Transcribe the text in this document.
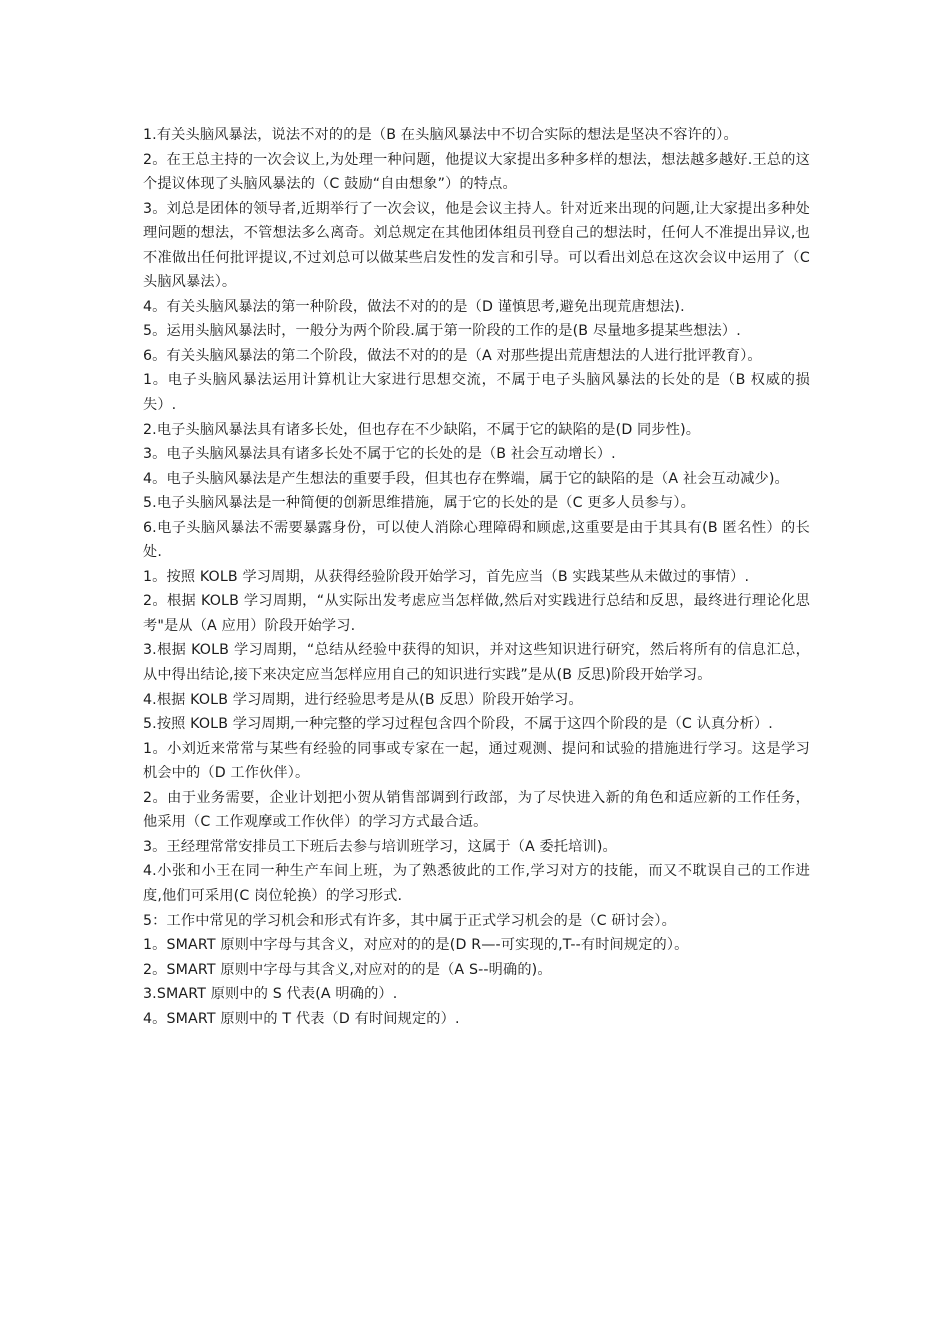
1.有关头脑风暴法，说法不对的的是（B 在头脑风暴法中不切合实际的想法是坚决不容许的）。

2。在王总主持的一次会议上,为处理一种问题，他提议大家提出多种多样的想法，想法越多越好.王总的这个提议体现了头脑风暴法的（C 鼓励“自由想象”）的特点。

3。刘总是团体的领导者,近期举行了一次会议，他是会议主持人。针对近来出现的问题,让大家提出多种处理问题的想法，不管想法多么离奇。刘总规定在其他团体组员刊登自己的想法时，任何人不准提出异议,也不准做出任何批评提议,不过刘总可以做某些启发性的发言和引导。可以看出刘总在这次会议中运用了（C 头脑风暴法）。

4。有关头脑风暴法的第一种阶段，做法不对的的是（D 谨慎思考,避免出现荒唐想法).

5。运用头脑风暴法时，一般分为两个阶段.属于第一阶段的工作的是(B 尽量地多提某些想法）.

6。有关头脑风暴法的第二个阶段，做法不对的的是（A 对那些提出荒唐想法的人进行批评教育）。

1。电子头脑风暴法运用计算机让大家进行思想交流，不属于电子头脑风暴法的长处的是（B 权威的损失）.

2.电子头脑风暴法具有诸多长处，但也存在不少缺陷，不属于它的缺陷的是(D 同步性)。

3。电子头脑风暴法具有诸多长处不属于它的长处的是（B 社会互动增长）.

4。电子头脑风暴法是产生想法的重要手段，但其也存在弊端，属于它的缺陷的是（A 社会互动减少)。

5.电子头脑风暴法是一种简便的创新思维措施，属于它的长处的是（C 更多人员参与）。

6.电子头脑风暴法不需要暴露身份，可以使人消除心理障碍和顾虑,这重要是由于其具有(B 匿名性）的长处.

1。按照 KOLB 学习周期，从获得经验阶段开始学习，首先应当（B 实践某些从未做过的事情）.

2。根据 KOLB 学习周期，“从实际出发考虑应当怎样做,然后对实践进行总结和反思，最终进行理论化思考"是从（A 应用）阶段开始学习.

3.根据 KOLB 学习周期，“总结从经验中获得的知识，并对这些知识进行研究，然后将所有的信息汇总，从中得出结论,接下来决定应当怎样应用自己的知识进行实践”是从(B 反思)阶段开始学习。

4.根据 KOLB 学习周期，进行经验思考是从(B 反思）阶段开始学习。

5.按照 KOLB 学习周期,一种完整的学习过程包含四个阶段，不属于这四个阶段的是（C 认真分析）.

1。小刘近来常常与某些有经验的同事或专家在一起，通过观测、提问和试验的措施进行学习。这是学习机会中的（D 工作伙伴）。

2。由于业务需要，企业计划把小贺从销售部调到行政部，为了尽快进入新的角色和适应新的工作任务，他采用（C 工作观摩或工作伙伴）的学习方式最合适。

3。王经理常常安排员工下班后去参与培训班学习，这属于（A 委托培训)。

4.小张和小王在同一种生产车间上班，为了熟悉彼此的工作,学习对方的技能，而又不耽误自己的工作进度,他们可采用(C 岗位轮换）的学习形式.

5：工作中常见的学习机会和形式有许多，其中属于正式学习机会的是（C 研讨会）。

1。SMART 原则中字母与其含义，对应对的的是(D R—-可实现的,T--有时间规定的）。

2。SMART 原则中字母与其含义,对应对的的是（A S--明确的)。

3.SMART 原则中的 S 代表(A 明确的）.

4。SMART 原则中的 T 代表（D 有时间规定的）.
